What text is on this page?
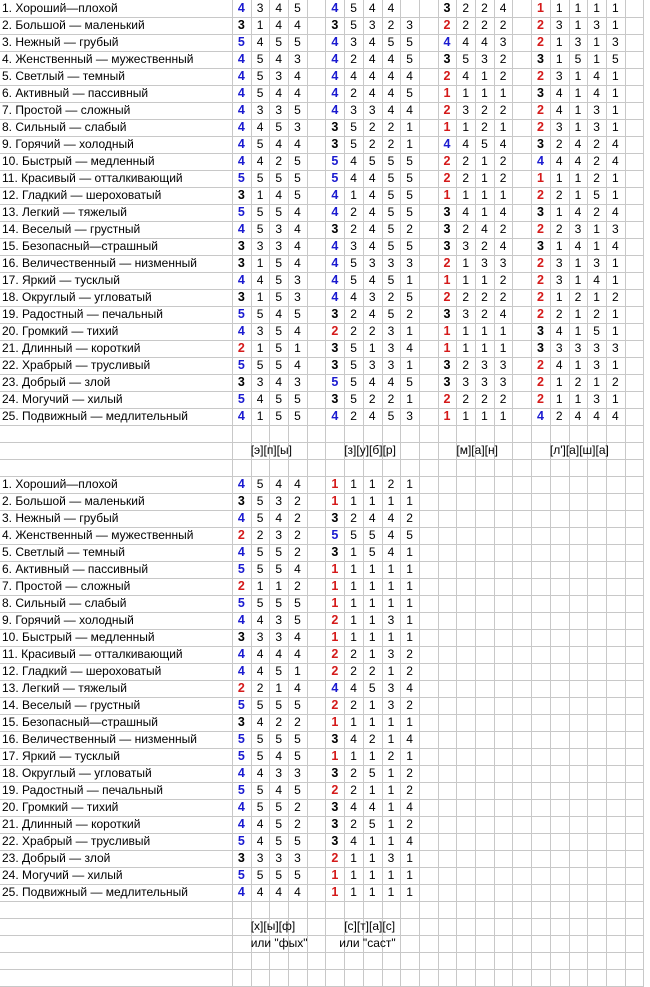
1. Хороший—плохой	4 3	4	5	4 5	4	4	3 2	2	4	1 1	1	1	1
2. Большой — маленький	3 1	4	4	3 5	3	2	3	2 2	2	2	2 3	1	3	1
3. Нежный — грубый	5 4	5	5	4 3	4	5	5	4 4	4	3	2 1	3	1	3
4. Женственный — мужественный	4 5	4	3	4 2	4	4	5	3 5	3	2	3 1	5	1	5
5. Светлый — темный	4 5	3	4	4 4	4	4	4	2 4	1	2	2 3	1	4	1
6. Активный — пассивный	4 5	4	4	4 2	4	4	5	1 1	1	1	3 4	1	4	1
7. Простой — сложный	4 3	3	5	4 3	3	4	4	2 3	2	2	2 4	1	3	1
8. Сильный — слабый	4 4	5	3	3 5	2	2	1	1 1	2	1	2 3	1	3	1
9. Горячий — холодный	4 5	4	4	3 5	2	2	1	4 4	5	4	3 2	4	2	4
10. Быстрый — медленный	4 4	2	5	5 4	5	5	5	2 2	1	2	4 4	4	2	4
11. Красивый — отталкивающий	5 5	5	5	5 4	4	5	5	2 2	1	2	1 1	1	2	1
12. Гладкий — шероховатый	3 1	4	5	4 1	4	5	5	1 1	1	1	2 2	1	5	1
13. Легкий — тяжелый	5 5	5	4	4 2	4	5	5	3 4	1	4	3 1	4	2	4
14. Веселый — грустный	4 5	3	4	3 2	4	5	2	3 2	4	2	2 2	3	1	3
15. Безопасный—страшный	3 3	3	4	4 3	4	5	5	3 3	2	4	3 1	4	1	4
16. Величественный — низменный	3 1	5	4	4 5	3	3	3	2 1	3	3	2 3	1	3	1
17. Яркий — тусклый	4 4	5	3	4 5	4	5	1	1 1	1	2	2 3	1	4	1
18. Округлый — угловатый	3 1	5	3	4 4	3	2	5	2 2	2	2	2 1	2	1	2
19. Радостный — печальный	5 5	4	5	3 2	4	5	2	3 3	2	4	2 2	1	2	1
20. Громкий — тихий	4 3	5	4	2 2	2	3	1	1 1	1	1	3 4	1	5	1
21. Длинный — короткий	2 1	5	1	3 5	1	3	4	1 1	1	1	3 3	3	3	3
22. Храбрый — трусливый	5 5	5	4	3 5	3	3	1	3 2	3	3	2 4	1	3	1
23. Добрый — злой	3 3	4	3	5 5	4	4	5	3 3	3	3	2 1	2	1	2
24. Могучий — хилый	5 4	5	5	3 5	2	2	1	2 2	2	2	2 1	1	3	1
25. Подвижный — медлительный	4 1	5	5	4 2	4	5	3	1 1	1	1	4 2	4	4	4
[э][п][ы]	[з][у][б][р]	[м][а][н]	[л'][а][ш][а]
1. Хороший—плохой	4 5	4	4	1 1	1	2	1
2. Большой — маленький	3 5	3	2	1 1	1	1	1
3. Нежный — грубый	4 5	4	2	3 2	4	4	2
4. Женственный — мужественный	2 2	3	2	5 5	5	4	5
5. Светлый — темный	4 5	5	2	3 1	5	4	1
6. Активный — пассивный	5 5	5	4	1 1	1	1	1
7. Простой — сложный	2 1	1	2	1 1	1	1	1
8. Сильный — слабый	5 5	5	5	1 1	1	1	1
9. Горячий — холодный	4 4	3	5	2 1	1	3	1
10. Быстрый — медленный	3 3	3	4	1 1	1	1	1
11. Красивый — отталкивающий	4 4	4	4	2 2	1	3	2
12. Гладкий — шероховатый	4 4	5	1	2 2	2	1	2
13. Легкий — тяжелый	2 2	1	4	4 4	5	3	4
14. Веселый — грустный	5 5	5	5	2 2	1	3	2
15. Безопасный—страшный	3 4	2	2	1 1	1	1	1
16. Величественный — низменный	5 5	5	5	3 4	2	1	4
17. Яркий — тусклый	5 5	4	5	1 1	1	2	1
18. Округлый — угловатый	4 4	3	3	3 2	5	1	2
19. Радостный — печальный	5 5	4	5	2 2	1	1	2
20. Громкий — тихий	4 5	5	2	3 4	4	1	4
21. Длинный — короткий	4 4	5	2	3 2	5	1	2
22. Храбрый — трусливый	5 4	5	5	3 4	1	1	4
23. Добрый — злой	3 3	3	3	2 1	1	3	1
24. Могучий — хилый	5 5	5	5	1 1	1	1	1
25. Подвижный — медлительный	4 4	4	4	1 1	1	1	1
[х][ы][ф]	[с][т][а][с]
или "фых"	или "саст"
